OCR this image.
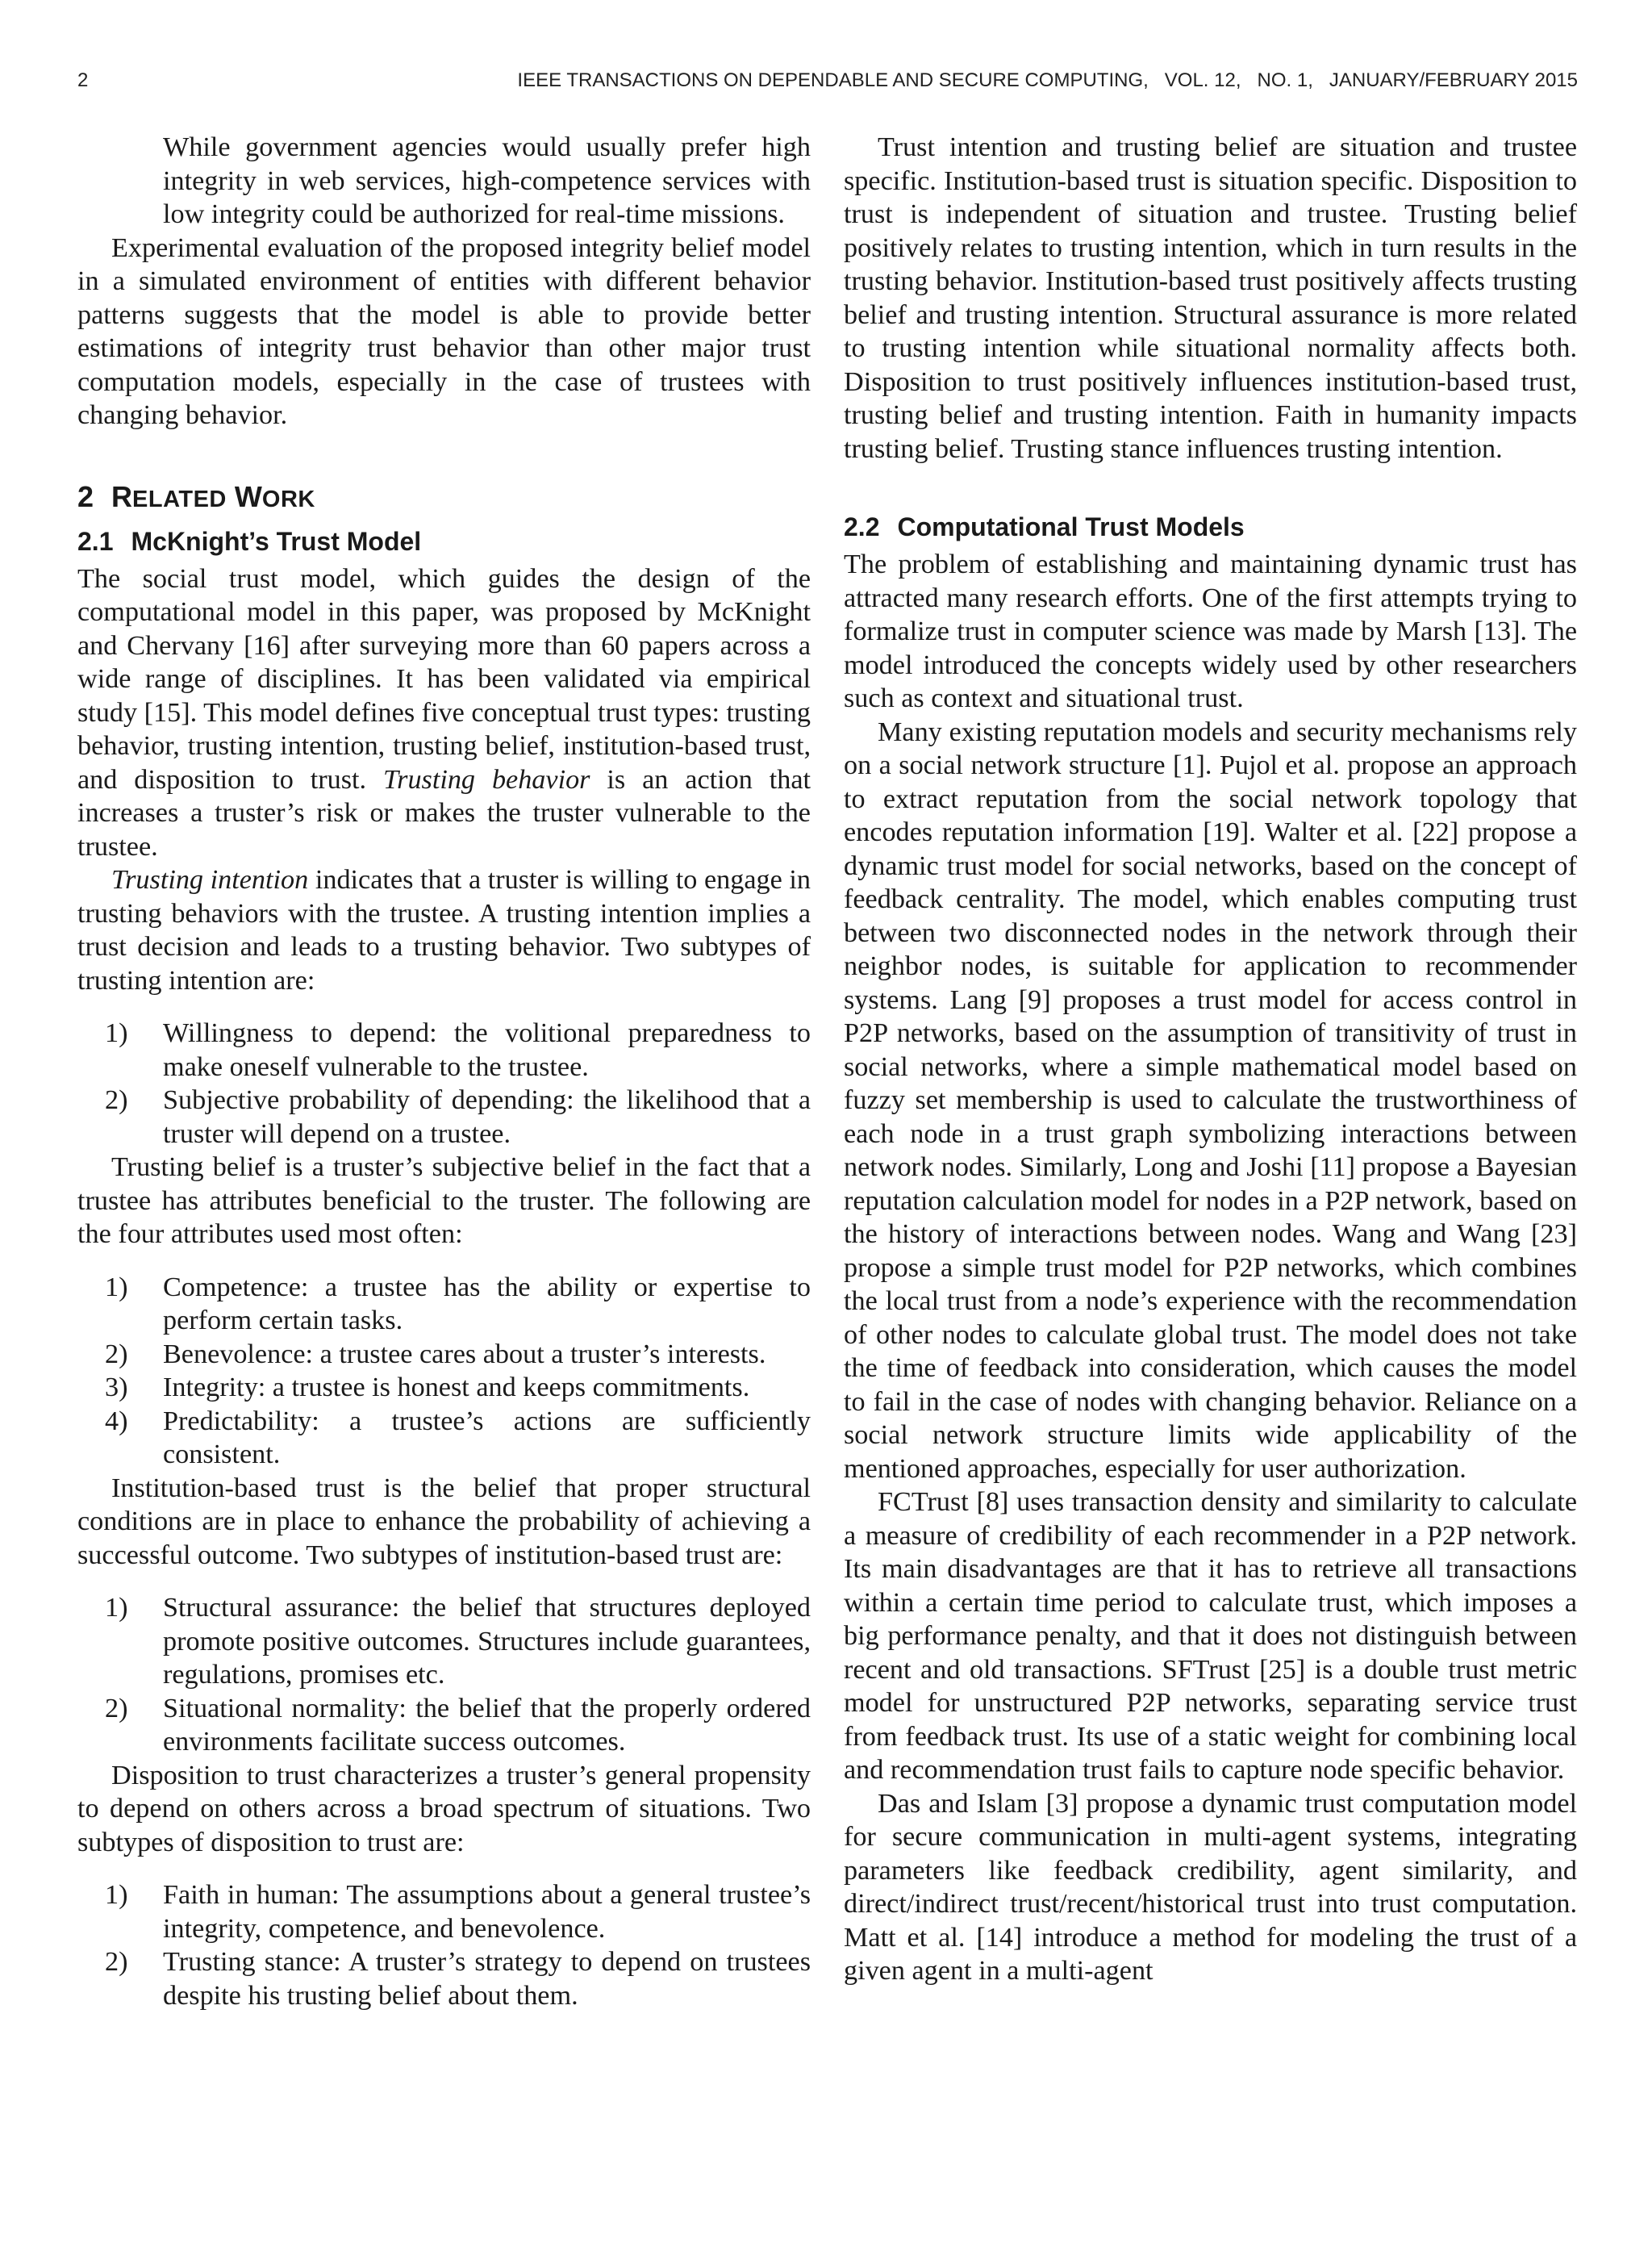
2	IEEE TRANSACTIONS ON DEPENDABLE AND SECURE COMPUTING,   VOL. 12,   NO. 1,   JANUARY/FEBRUARY 2015

While government agencies would usually prefer high integrity in web services, high-competence services with low integrity could be authorized for real-time missions.

Experimental evaluation of the proposed integrity belief model in a simulated environment of entities with different behavior patterns suggests that the model is able to provide better estimations of integrity trust behavior than other major trust computation models, especially in the case of trustees with changing behavior.

2 RELATED WORK
2.1 McKnight’s Trust Model

The social trust model, which guides the design of the computational model in this paper, was proposed by McKnight and Chervany [16] after surveying more than 60 papers across a wide range of disciplines. It has been validated via empirical study [15]. This model defines five conceptual trust types: trusting behavior, trusting intention, trusting belief, institution-based trust, and disposition to trust. Trusting behavior is an action that increases a truster’s risk or makes the truster vulnerable to the trustee.

Trusting intention indicates that a truster is willing to engage in trusting behaviors with the trustee. A trusting intention implies a trust decision and leads to a trusting behavior. Two subtypes of trusting intention are:

1) Willingness to depend: the volitional preparedness to make oneself vulnerable to the trustee.
2) Subjective probability of depending: the likelihood that a truster will depend on a trustee.

Trusting belief is a truster’s subjective belief in the fact that a trustee has attributes beneficial to the truster. The following are the four attributes used most often:

1) Competence: a trustee has the ability or expertise to perform certain tasks.
2) Benevolence: a trustee cares about a truster’s interests.
3) Integrity: a trustee is honest and keeps commitments.
4) Predictability: a trustee’s actions are sufficiently consistent.

Institution-based trust is the belief that proper structural conditions are in place to enhance the probability of achieving a successful outcome. Two subtypes of institution-based trust are:

1) Structural assurance: the belief that structures deployed promote positive outcomes. Structures include guarantees, regulations, promises etc.
2) Situational normality: the belief that the properly ordered environments facilitate success outcomes.

Disposition to trust characterizes a truster’s general propensity to depend on others across a broad spectrum of situations. Two subtypes of disposition to trust are:

1) Faith in human: The assumptions about a general trustee’s integrity, competence, and benevolence.
2) Trusting stance: A truster’s strategy to depend on trustees despite his trusting belief about them.

Trust intention and trusting belief are situation and trustee specific. Institution-based trust is situation specific. Disposition to trust is independent of situation and trustee. Trusting belief positively relates to trusting intention, which in turn results in the trusting behavior. Institution-based trust positively affects trusting belief and trusting intention. Structural assurance is more related to trusting intention while situational normality affects both. Disposition to trust positively influences institution-based trust, trusting belief and trusting intention. Faith in humanity impacts trusting belief. Trusting stance influences trusting intention.

2.2 Computational Trust Models

The problem of establishing and maintaining dynamic trust has attracted many research efforts. One of the first attempts trying to formalize trust in computer science was made by Marsh [13]. The model introduced the concepts widely used by other researchers such as context and situational trust.

Many existing reputation models and security mechanisms rely on a social network structure [1]. Pujol et al. propose an approach to extract reputation from the social network topology that encodes reputation information [19]. Walter et al. [22] propose a dynamic trust model for social networks, based on the concept of feedback centrality. The model, which enables computing trust between two disconnected nodes in the network through their neighbor nodes, is suitable for application to recommender systems. Lang [9] proposes a trust model for access control in P2P networks, based on the assumption of transitivity of trust in social networks, where a simple mathematical model based on fuzzy set membership is used to calculate the trustworthiness of each node in a trust graph symbolizing interactions between network nodes. Similarly, Long and Joshi [11] propose a Bayesian reputation calculation model for nodes in a P2P network, based on the history of interactions between nodes. Wang and Wang [23] propose a simple trust model for P2P networks, which combines the local trust from a node’s experience with the recommendation of other nodes to calculate global trust. The model does not take the time of feedback into consideration, which causes the model to fail in the case of nodes with changing behavior. Reliance on a social network structure limits wide applicability of the mentioned approaches, especially for user authorization.

FCTrust [8] uses transaction density and similarity to calculate a measure of credibility of each recommender in a P2P network. Its main disadvantages are that it has to retrieve all transactions within a certain time period to calculate trust, which imposes a big performance penalty, and that it does not distinguish between recent and old transactions. SFTrust [25] is a double trust metric model for unstructured P2P networks, separating service trust from feedback trust. Its use of a static weight for combining local and recommendation trust fails to capture node specific behavior.

Das and Islam [3] propose a dynamic trust computation model for secure communication in multi-agent systems, integrating parameters like feedback credibility, agent similarity, and direct/indirect trust/recent/historical trust into trust computation. Matt et al. [14] introduce a method for modeling the trust of a given agent in a multi-agent
